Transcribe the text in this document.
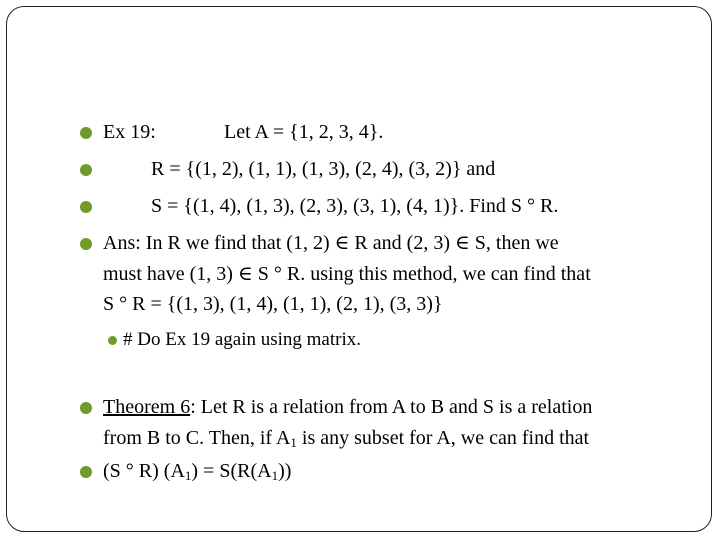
Ex 19:	Let A = {1, 2, 3, 4}.
R = {(1, 2), (1, 1), (1, 3), (2, 4), (3, 2)} and
S = {(1, 4), (1, 3), (2, 3), (3, 1), (4, 1)}. Find S ° R.
Ans: In R we find that (1, 2) ∈ R and (2, 3) ∈ S, then we
must have (1, 3) ∈ S ° R. using this method, we can find that
S ° R = {(1, 3), (1, 4), (1, 1), (2, 1), (3, 3)}
# Do Ex 19 again using matrix.
Theorem 6: Let R is a relation from A to B and S is a relation
from B to C. Then, if $A_1$ is any subset for A, we can find that
(S ° R) $(A_1) = S(R(A_1))$
